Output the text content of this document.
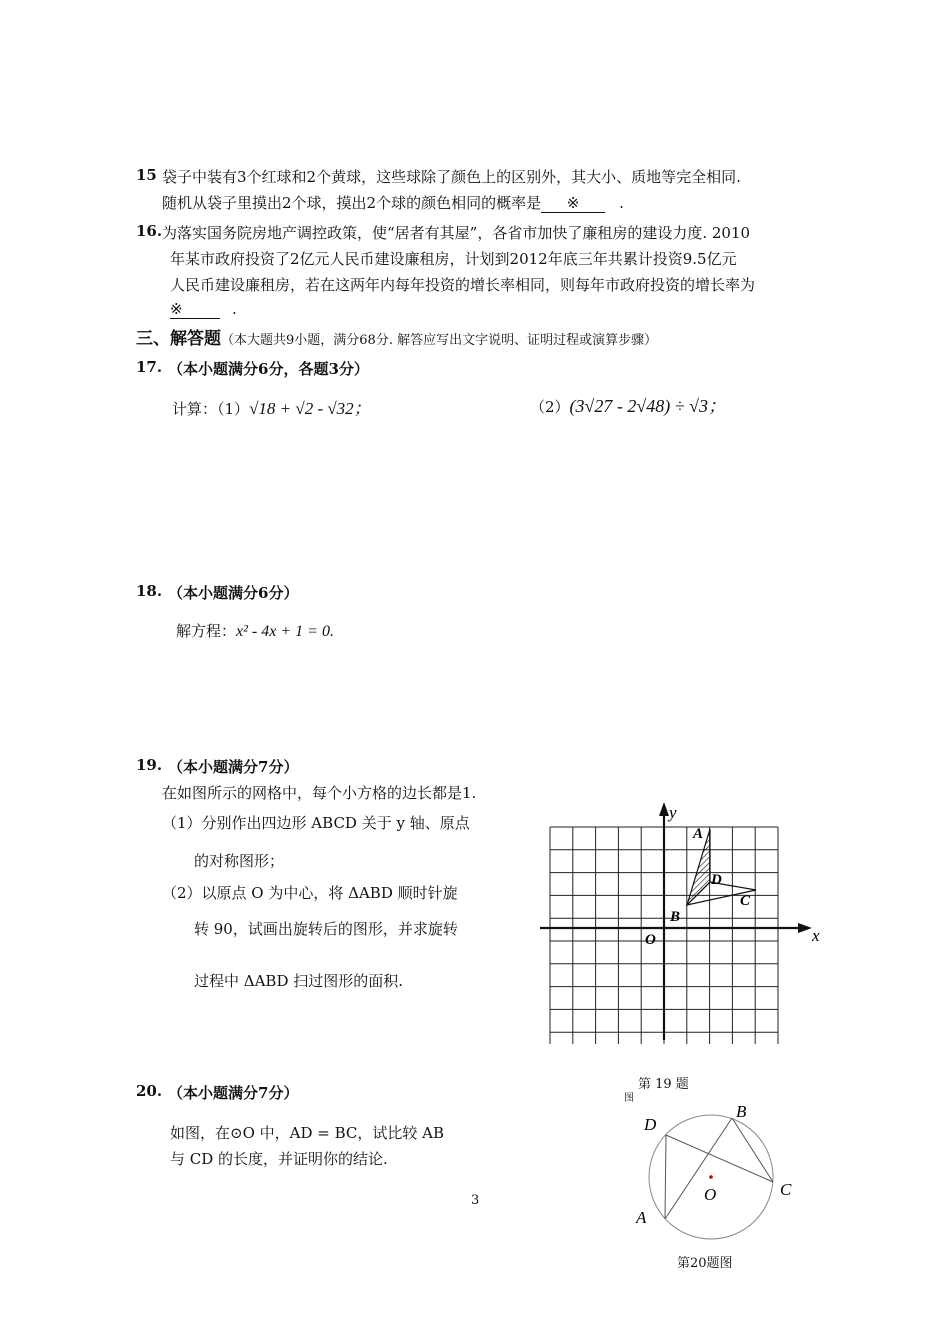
15 袋子中装有3个红球和2个黄球，这些球除了颜色上的区别外，其大小、质地等完全相同.
随机从袋子里摸出2个球，摸出2个球的颜色相同的概率是 ※	.
16. 为落实国务院房地产调控政策，使“居者有其屋”，各省市加快了廉租房的建设力度. 2010
年某市政府投资了2亿元人民币建设廉租房，计划到2012年底三年共累计投资9.5亿元
人民币建设廉租房，若在这两年内每年投资的增长率相同，则每年市政府投资的增长率为
※	.
三、解答题（本大题共9小题，满分68分. 解答应写出文字说明、证明过程或演算步骤）
17. （本小题满分6分，各题3分）
计算：（1）√18 + √2 - √32；	（2）(3√27 - 2√48) ÷ √3；
18. （本小题满分6分）
解方程：x² - 4x + 1 = 0.
19. （本小题满分7分）
在如图所示的网格中，每个小方格的边长都是1.
（1）分别作出四边形 ABCD 关于 y 轴、原点
的对称图形；
（2）以原点 O 为中心，将 ΔABD 顺时针旋
转 90，试画出旋转后的图形，并求旋转
过程中 ΔABD 扫过图形的面积.
x
y
O
A
B
C
D
第 19 题
图
20. （本小题满分7分）
如图，在⊙O 中，AD = BC，试比较 AB
与 CD 的长度，并证明你的结论.
A
B
C
D
O
第20题图
3
